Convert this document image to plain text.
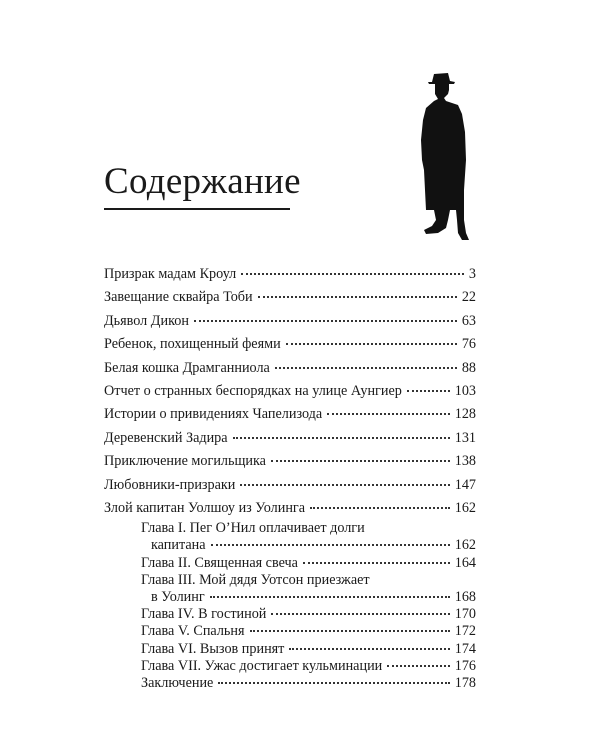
Содержание
Призрак мадам Кроул	3
Завещание сквайра Тоби	22
Дьявол Дикон	63
Ребенок, похищенный феями	76
Белая кошка Драмганниола	88
Отчет о странных беспорядках на улице Аунгиер	103
Истории о привидениях Чапелизода	128
Деревенский Задира	131
Приключение могильщика	138
Любовники-призраки	147
Злой капитан Уолшоу из Уолинга	162
Глава I. Пег О’Нил оплачивает долги
капитана	162
Глава II. Священная свеча	164
Глава III. Мой дядя Уотсон приезжает
в Уолинг	168
Глава IV. В гостиной	170
Глава V. Спальня	172
Глава VI. Вызов принят	174
Глава VII. Ужас достигает кульминации	176
Заключение	178
